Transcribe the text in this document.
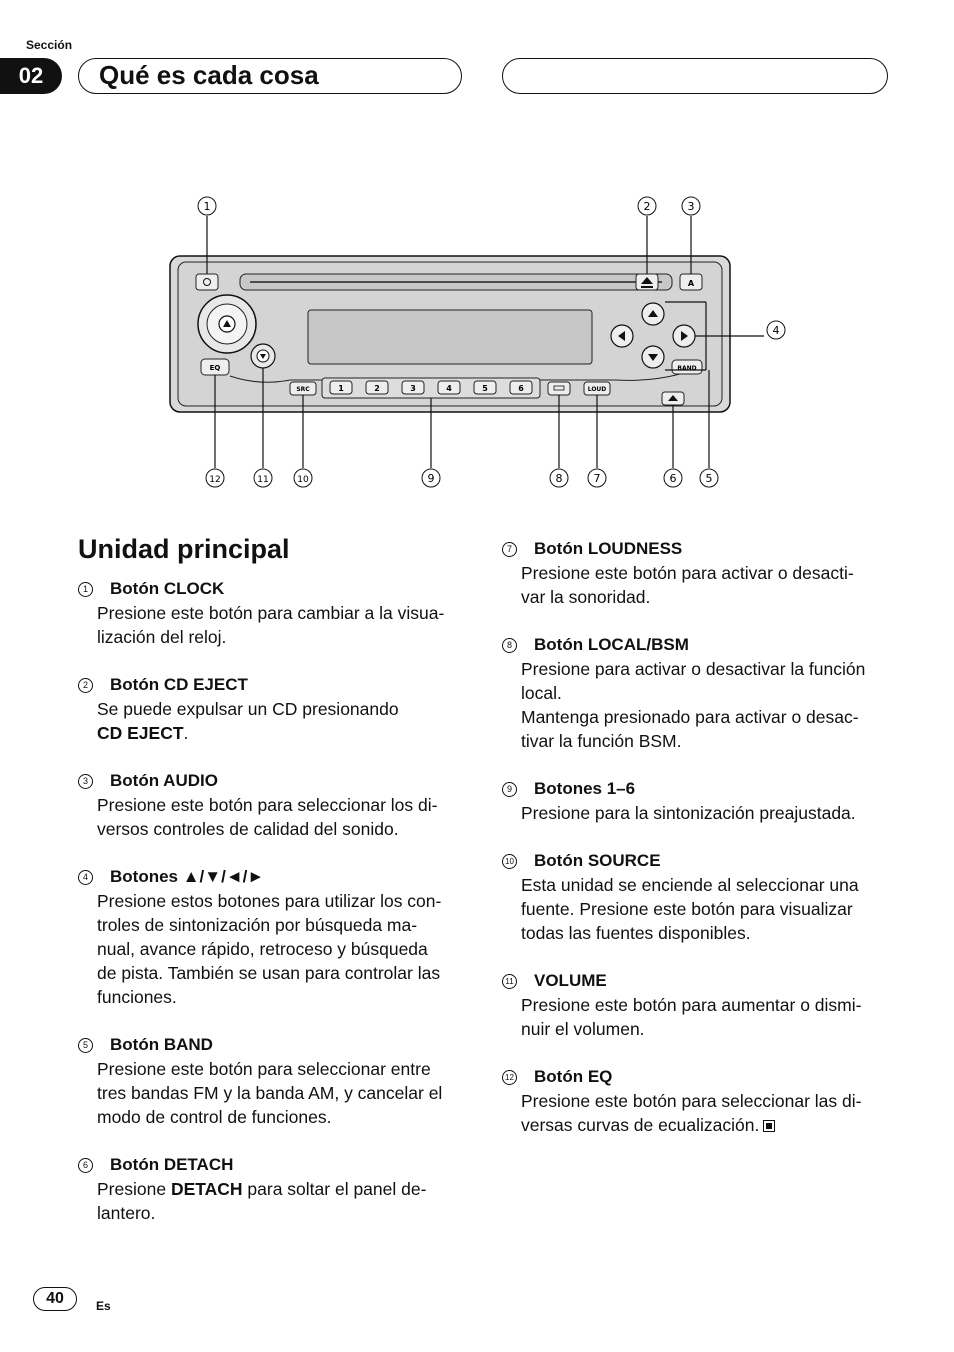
Sección
02	Qué es cada cosa
A
EQ
SRC	1	2	3	4	5	6	LOUD
BAND
1	2	3
4
5
6
7
8
9
10
11
12
Unidad principal
1 Botón CLOCK
Presione este botón para cambiar a la visua-
lización del reloj.
2 Botón CD EJECT
Se puede expulsar un CD presionando
CD EJECT.
3 Botón AUDIO
Presione este botón para seleccionar los di-
versos controles de calidad del sonido.
4 Botones ▲/▼/◄/►
Presione estos botones para utilizar los con-
troles de sintonización por búsqueda ma-
nual, avance rápido, retroceso y búsqueda
de pista. También se usan para controlar las
funciones.
5 Botón BAND
Presione este botón para seleccionar entre
tres bandas FM y la banda AM, y cancelar el
modo de control de funciones.
6 Botón DETACH
Presione DETACH para soltar el panel de-
lantero.
7 Botón LOUDNESS
Presione este botón para activar o desacti-
var la sonoridad.
8 Botón LOCAL/BSM
Presione para activar o desactivar la función
local.
Mantenga presionado para activar o desac-
tivar la función BSM.
9 Botones 1–6
Presione para la sintonización preajustada.
10 Botón SOURCE
Esta unidad se enciende al seleccionar una
fuente. Presione este botón para visualizar
todas las fuentes disponibles.
11 VOLUME
Presione este botón para aumentar o dismi-
nuir el volumen.
12 Botón EQ
Presione este botón para seleccionar las di-
versas curvas de ecualización.
40	Es
